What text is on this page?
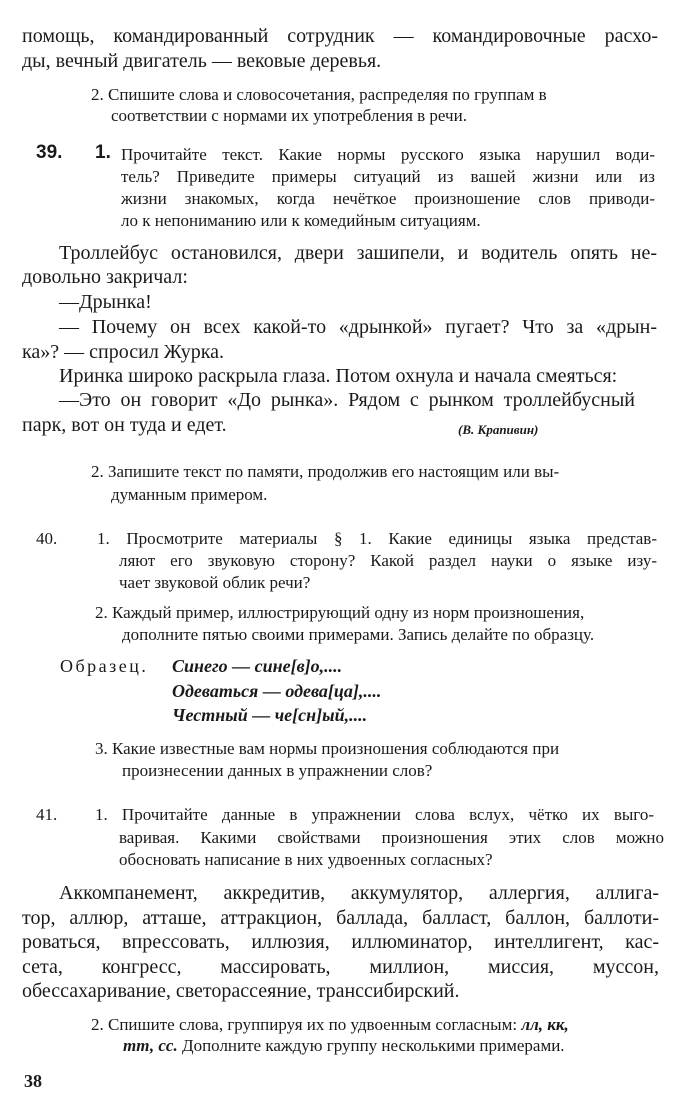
помощь, командированный сотрудник — командировочные расхо-
ды, вечный двигатель — вековые деревья.
2. Спишите слова и словосочетания, распределяя по группам в
соответствии с нормами их употребления в речи.
39. 1. Прочитайте текст. Какие нормы русского языка нарушил води-
тель? Приведите примеры ситуаций из вашей жизни или из
жизни знакомых, когда нечёткое произношение слов приводи-
ло к непониманию или к комедийным ситуациям.
Троллейбус остановился, двери зашипели, и водитель опять не-
довольно закричал:
—Дрынка!
— Почему он всех какой-то «дрынкой» пугает? Что за «дрын-
ка»? — спросил Журка.
Иринка широко раскрыла глаза. Потом охнула и начала смеяться:
—Это он говорит «До рынка». Рядом с рынком троллейбусный
парк, вот он туда и едет.	(В. Крапивин)
2. Запишите текст по памяти, продолжив его настоящим или вы-
думанным примером.
40. 1. Просмотрите материалы § 1. Какие единицы языка представ-
ляют его звуковую сторону? Какой раздел науки о языке изу-
чает звуковой облик речи?
2. Каждый пример, иллюстрирующий одну из норм произношения,
дополните пятью своими примерами. Запись делайте по образцу.
Образец. Синего — сине[в]о,....
Одеваться — одева[ца],....
Честный — че[сн]ый,....
3. Какие известные вам нормы произношения соблюдаются при
произнесении данных в упражнении слов?
41. 1. Прочитайте данные в упражнении слова вслух, чётко их выго-
варивая. Какими свойствами произношения этих слов можно
обосновать написание в них удвоенных согласных?
Аккомпанемент, аккредитив, аккумулятор, аллергия, аллига-
тор, аллюр, атташе, аттракцион, баллада, балласт, баллон, баллоти-
роваться, впрессовать, иллюзия, иллюминатор, интеллигент, кас-
сета, конгресс, массировать, миллион, миссия, муссон,
обессахаривание, светорассеяние, транссибирский.
2. Спишите слова, группируя их по удвоенным согласным: лл, кк,
тт, сс. Дополните каждую группу несколькими примерами.
38
